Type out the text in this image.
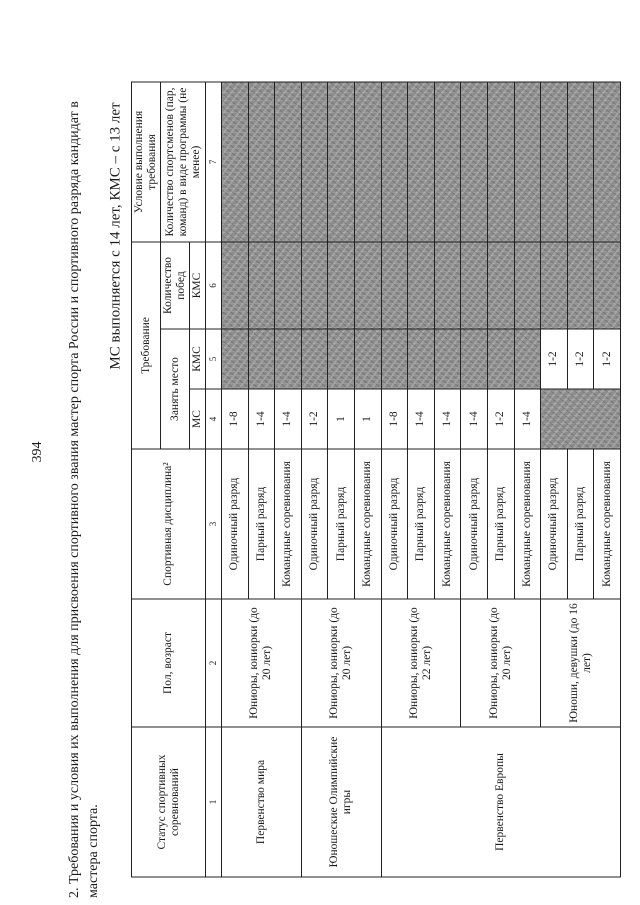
394 2. Требования и условия их выполнения для присвоения спортивного звания мастер спорта России и спортивного разряда кандидат в мастера спорта.
МС выполняется с 14 лет, КМС – с 13 лет
Статус спортивных соревнований	Пол, возраст	Спортивная дисциплина²	Требование			Условие выполнения требования
			Занять место		Количество побед	Количество спортсменов (пар, команд) в виде программы (не менее)
			МС	КМС	КМС	
1	2	3	4	5	6	7
Первенство мира	Юниоры, юниорки (до 20 лет)	Одиночный разряд	1-8			
		Парный разряд	1-4			
		Командные соревнования	1-4			
Юношеские Олимпийские игры	Юниоры, юниорки (до 20 лет)	Одиночный разряд	1-2			
		Парный разряд	1			
		Командные соревнования	1			
Первенство Европы	Юниоры, юниорки (до 22 лет)	Одиночный разряд	1-8			
		Парный разряд	1-4			
		Командные соревнования	1-4			
	Юниоры, юниорки (до 20 лет)	Одиночный разряд	1-4			
		Парный разряд	1-2			
		Командные соревнования	1-4			
	Юноши, девушки (до 16 лет)	Одиночный разряд		1-2		
		Парный разряд		1-2		
		Командные соревнования		1-2		
